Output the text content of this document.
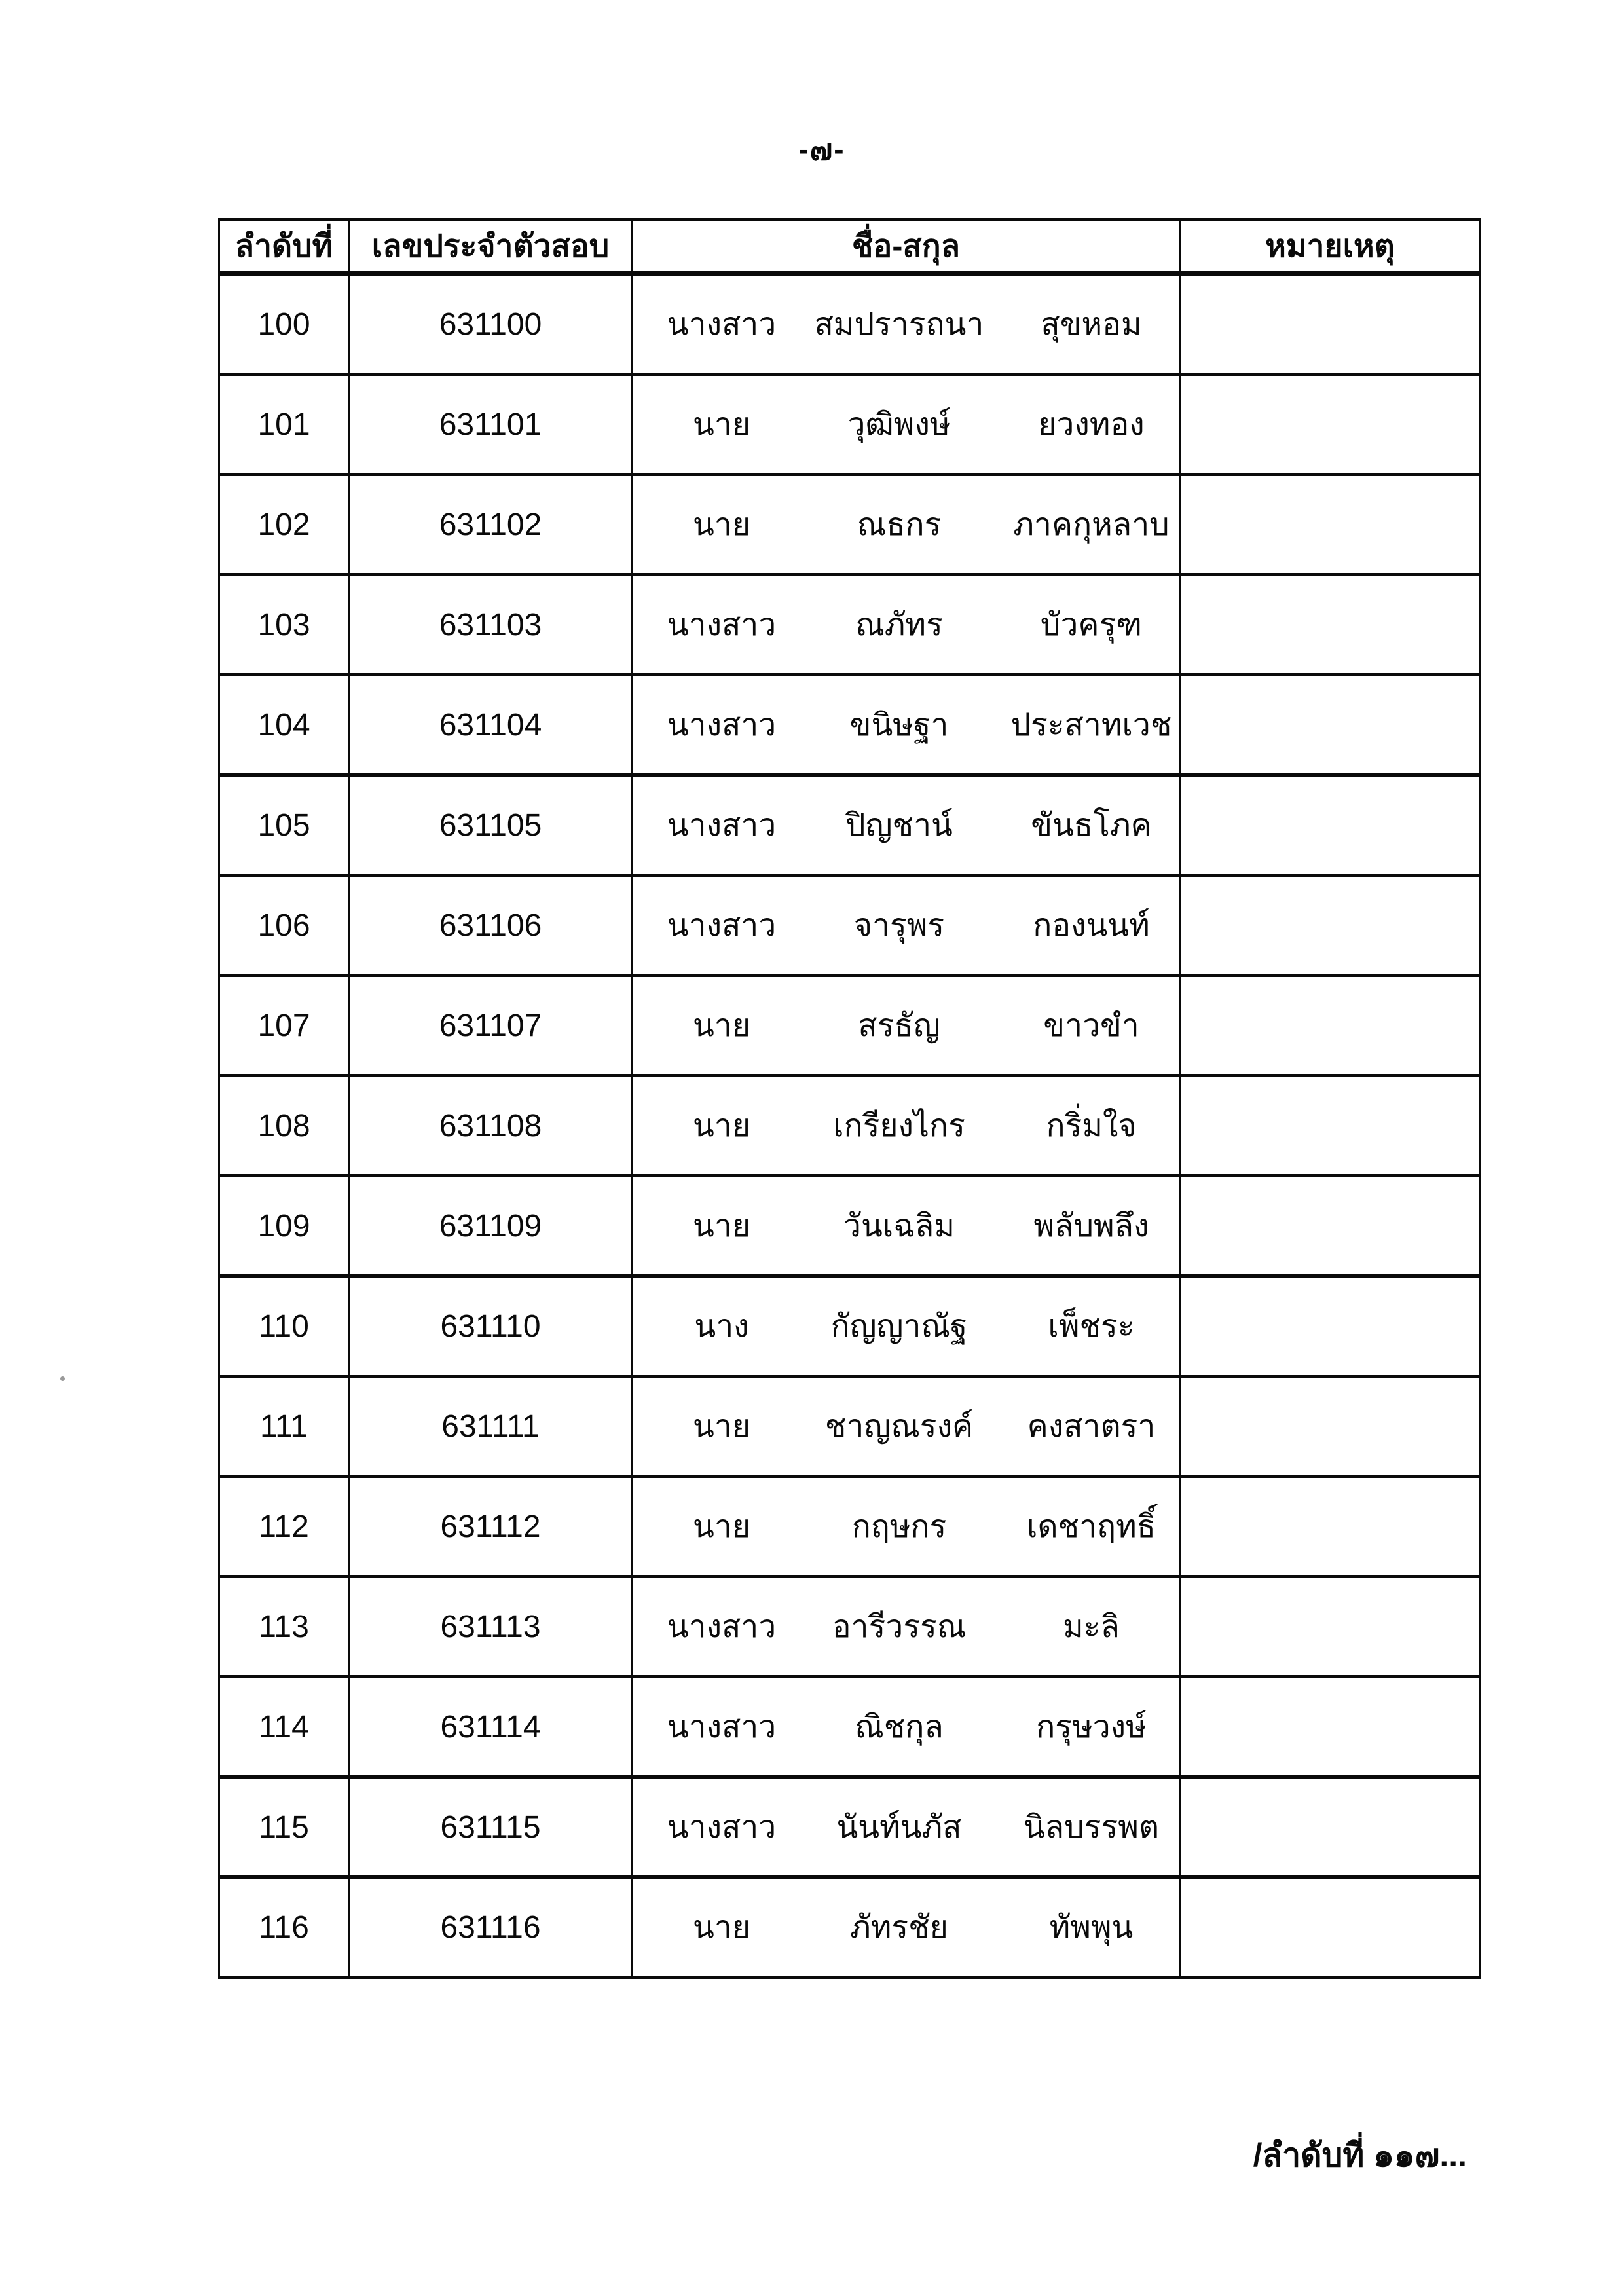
-๗-
ลำดับที่	เลขประจำตัวสอบ	ชื่อ-สกุล	หมายเหตุ
100	631100	นางสาว สมปรารถนา สุขหอม	

101	631101	นาย วุฒิพงษ์ ยวงทอง	

102	631102	นาย ณธกร ภาคกุหลาบ	

103	631103	นางสาว ณภัทร บัวครุฑ	

104	631104	นางสาว ขนิษฐา ประสาทเวช	

105	631105	นางสาว ปิญชาน์ ขันธโภค	

106	631106	นางสาว จารุพร กองนนท์	

107	631107	นาย สรธัญ ขาวขำ	

108	631108	นาย เกรียงไกร กริ่มใจ	

109	631109	นาย วันเฉลิม พลับพลึง	

110	631110	นาง กัญญาณัฐ เพ็ชระ	

111	631111	นาย ชาญณรงค์ คงสาตรา	

112	631112	นาย กฤษกร เดชาฤทธิ์	

113	631113	นางสาว อารีวรรณ มะลิ	

114	631114	นางสาว ณิชกุล กรุษวงษ์	

115	631115	นางสาว นันท์นภัส นิลบรรพต	

116	631116	นาย ภัทรชัย ทัพพุน	

/ลำดับที่ ๑๑๗...
